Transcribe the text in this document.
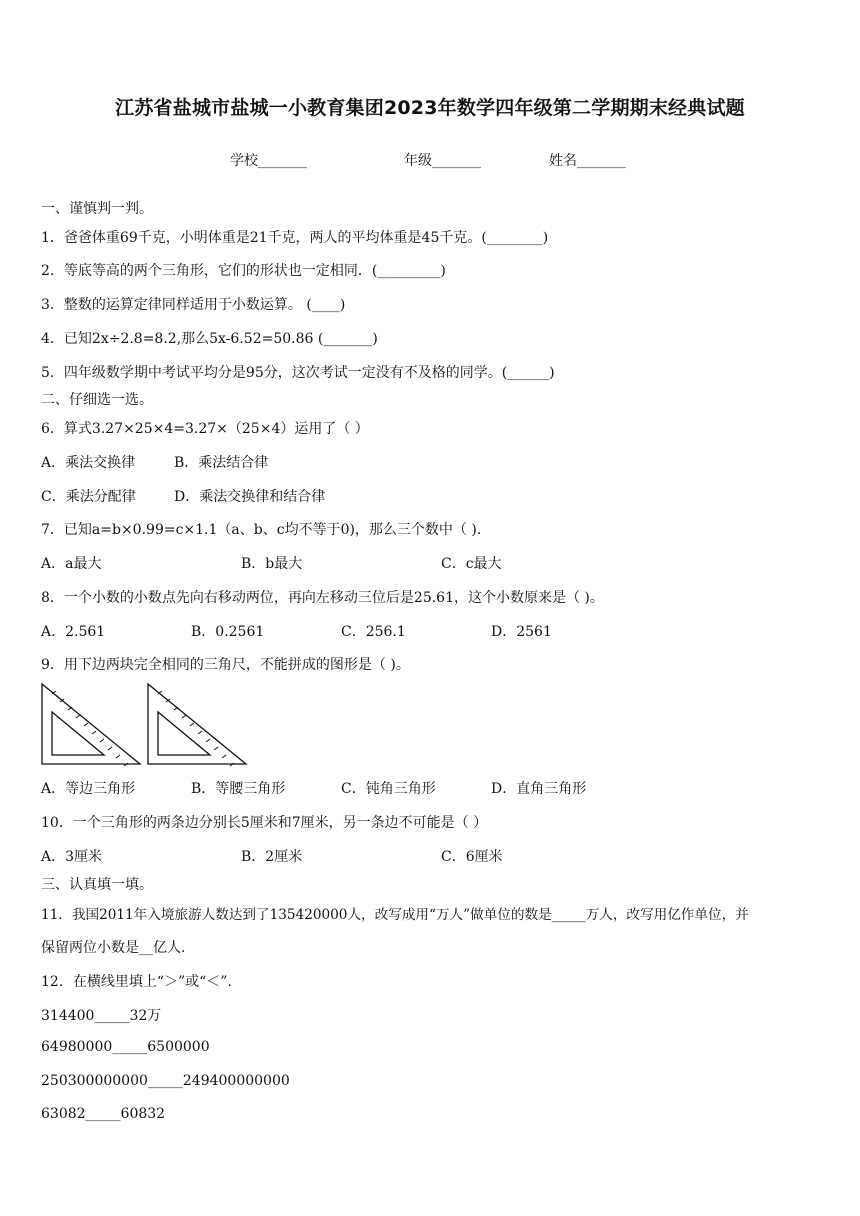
江苏省盐城市盐城一小教育集团2023年数学四年级第二学期期末经典试题
学校_______	年级_______	姓名_______
一、谨慎判一判。
1．爸爸体重69千克，小明体重是21千克，两人的平均体重是45千克。(________)
2．等底等高的两个三角形，它们的形状也一定相同．(_________)
3．整数的运算定律同样适用于小数运算。 (____)
4．已知2x÷2.8=8.2,那么5x-6.52=50.86 (_______)
5．四年级数学期中考试平均分是95分，这次考试一定没有不及格的同学。(______)
二、仔细选一选。
6．算式3.27×25×4=3.27×（25×4）运用了（ ）
A．乘法交换律	B．乘法结合律
C．乘法分配律	D．乘法交换律和结合律
7．已知a=b×0.99=c×1.1（a、b、c均不等于0)，那么三个数中（ ).
A．a最大	B．b最大	C．c最大
8．一个小数的小数点先向右移动两位，再向左移动三位后是25.61，这个小数原来是（ )。
A．2.561	B．0.2561	C．256.1	D．2561
9．用下边两块完全相同的三角尺，不能拼成的图形是（ )。
A．等边三角形	B．等腰三角形	C．钝角三角形	D．直角三角形
10．一个三角形的两条边分别长5厘米和7厘米，另一条边不可能是（ ）
A．3厘米	B．2厘米	C．6厘米
三、认真填一填。
11．我国2011年入境旅游人数达到了135420000人，改写成用“万人”做单位的数是_____万人，改写用亿作单位，并
保留两位小数是__亿人.
12．在横线里填上“＞”或“＜”.
314400_____32万
64980000_____6500000
250300000000_____249400000000
63082_____60832
